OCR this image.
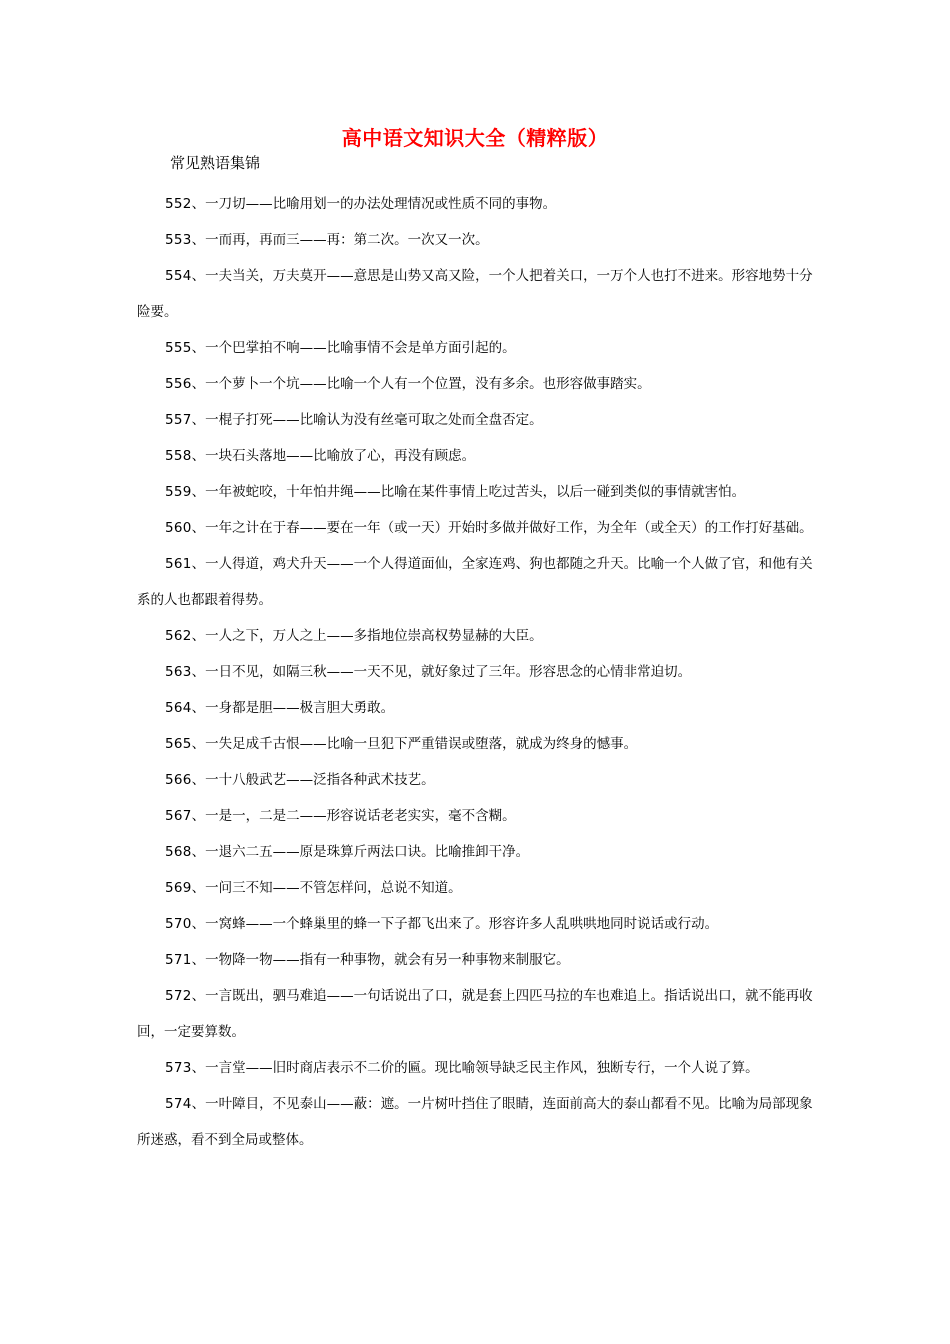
高中语文知识大全（精粹版）
常见熟语集锦
552、一刀切——比喻用划一的办法处理情况或性质不同的事物。
553、一而再，再而三——再：第二次。一次又一次。
554、一夫当关，万夫莫开——意思是山势又高又险，一个人把着关口，一万个人也打不进来。形容地势十分险要。
555、一个巴掌拍不响——比喻事情不会是单方面引起的。
556、一个萝卜一个坑——比喻一个人有一个位置，没有多余。也形容做事踏实。
557、一棍子打死——比喻认为没有丝毫可取之处而全盘否定。
558、一块石头落地——比喻放了心，再没有顾虑。
559、一年被蛇咬，十年怕井绳——比喻在某件事情上吃过苦头，以后一碰到类似的事情就害怕。
560、一年之计在于春——要在一年（或一天）开始时多做并做好工作，为全年（或全天）的工作打好基础。
561、一人得道，鸡犬升天——一个人得道面仙，全家连鸡、狗也都随之升天。比喻一个人做了官，和他有关系的人也都跟着得势。
562、一人之下，万人之上——多指地位崇高权势显赫的大臣。
563、一日不见，如隔三秋——一天不见，就好象过了三年。形容思念的心情非常迫切。
564、一身都是胆——极言胆大勇敢。
565、一失足成千古恨——比喻一旦犯下严重错误或堕落，就成为终身的憾事。
566、一十八般武艺——泛指各种武术技艺。
567、一是一，二是二——形容说话老老实实，毫不含糊。
568、一退六二五——原是珠算斤两法口诀。比喻推卸干净。
569、一问三不知——不管怎样问，总说不知道。
570、一窝蜂——一个蜂巢里的蜂一下子都飞出来了。形容许多人乱哄哄地同时说话或行动。
571、一物降一物——指有一种事物，就会有另一种事物来制服它。
572、一言既出，驷马难追——一句话说出了口，就是套上四匹马拉的车也难追上。指话说出口，就不能再收回，一定要算数。
573、一言堂——旧时商店表示不二价的匾。现比喻领导缺乏民主作风，独断专行，一个人说了算。
574、一叶障目，不见泰山——蔽：遮。一片树叶挡住了眼睛，连面前高大的泰山都看不见。比喻为局部现象所迷惑，看不到全局或整体。
